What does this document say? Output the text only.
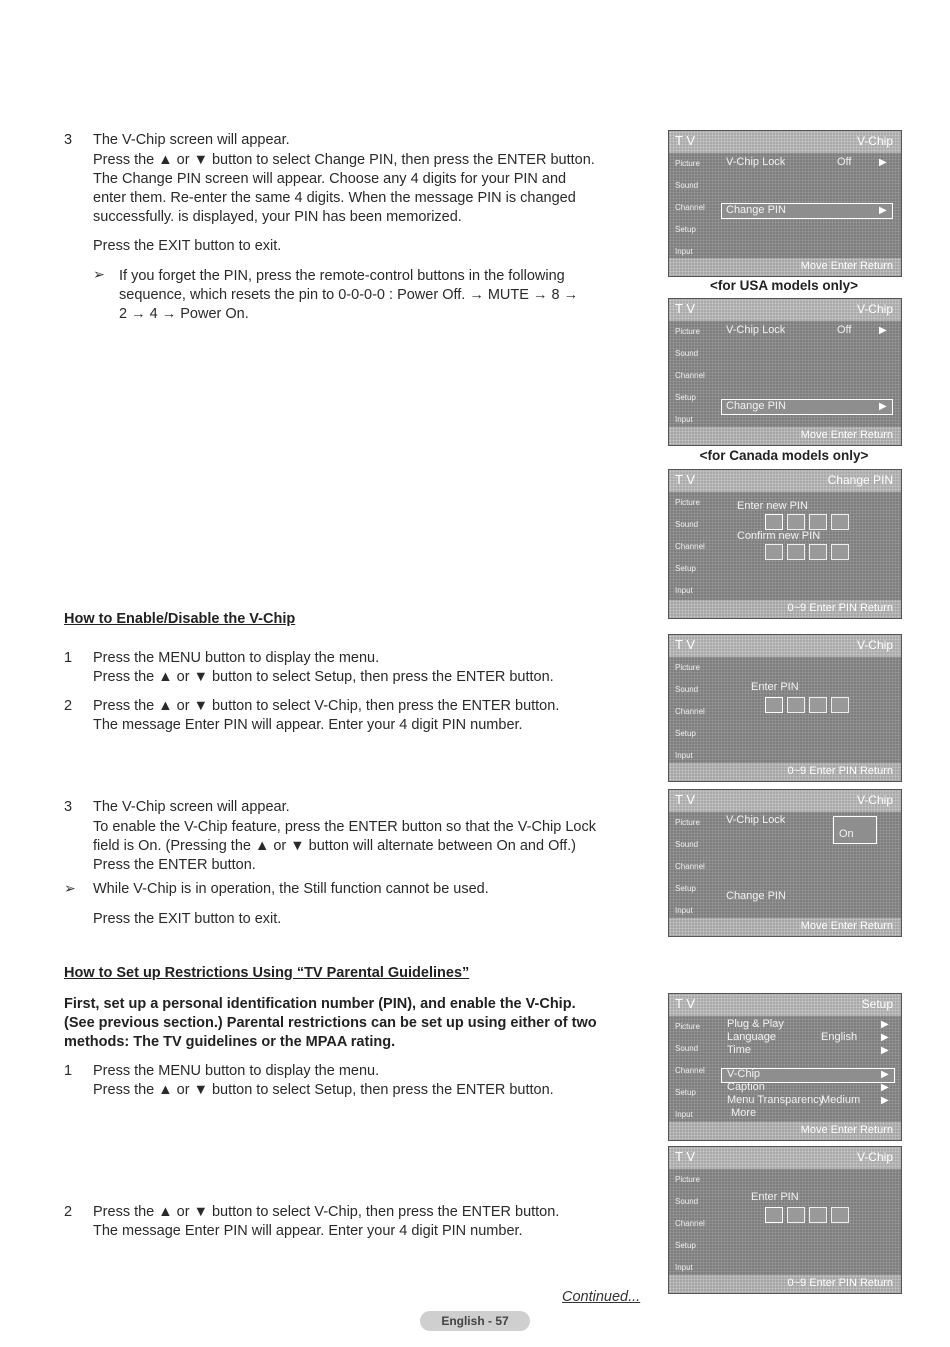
3 The V-Chip screen will appear.
Press the ▲ or ▼ button to select Change PIN, then press the ENTER button.
The Change PIN screen will appear. Choose any 4 digits for your PIN and
enter them. Re-enter the same 4 digits. When the message PIN is changed
successfully. is displayed, your PIN has been memorized.
Press the EXIT button to exit.
➢ If you forget the PIN, press the remote-control buttons in the following
sequence, which resets the pin to 0-0-0-0 : Power Off. → MUTE → 8 →
2 → 4 → Power On.
How to Enable/Disable the V-Chip
1 Press the MENU button to display the menu.
Press the ▲ or ▼ button to select Setup, then press the ENTER button.
2 Press the ▲ or ▼ button to select V-Chip, then press the ENTER button.
The message Enter PIN will appear. Enter your 4 digit PIN number.
3 The V-Chip screen will appear.
To enable the V-Chip feature, press the ENTER button so that the V-Chip Lock
field is On. (Pressing the ▲ or ▼ button will alternate between On and Off.)
Press the ENTER button.
➢ While V-Chip is in operation, the Still function cannot be used.
Press the EXIT button to exit.
How to Set up Restrictions Using “TV Parental Guidelines”
First, set up a personal identification number (PIN), and enable the V-Chip.
(See previous section.) Parental restrictions can be set up using either of two
methods: The TV guidelines or the MPAA rating.
1 Press the MENU button to display the menu.
Press the ▲ or ▼ button to select Setup, then press the ENTER button.
2 Press the ▲ or ▼ button to select V-Chip, then press the ENTER button.
The message Enter PIN will appear. Enter your 4 digit PIN number.
T V	V-Chip
Picture
Sound
Channel
Setup
Input
V-Chip Lock	Off	▶
Change PIN	▶
Move Enter Return
<for USA models only>
T V	V-Chip
Picture
Sound
Channel
Setup
Input
V-Chip Lock	Off	▶
Change PIN	▶
Move Enter Return
<for Canada models only>
T V	Change PIN
Picture
Sound
Channel
Setup
Input
Enter new PIN
Confirm new PIN
0~9 Enter PIN Return
T V	V-Chip
Picture
Sound
Channel
Setup
Input
Enter PIN
0~9 Enter PIN Return
T V	V-Chip
Picture
Sound
Channel
Setup
Input
V-Chip Lock
On
Change PIN
Move Enter Return
T V	Setup
Picture
Sound
Channel
Setup
Input
Plug & Play	▶
Language	English ▶
Time	▶
V-Chip	▶
Caption	▶
Menu Transparency
Medium ▶
More
Move Enter Return
T V	V-Chip
Picture
Sound
Channel
Setup
Input
Enter PIN
0~9 Enter PIN Return
Continued...
English - 57
